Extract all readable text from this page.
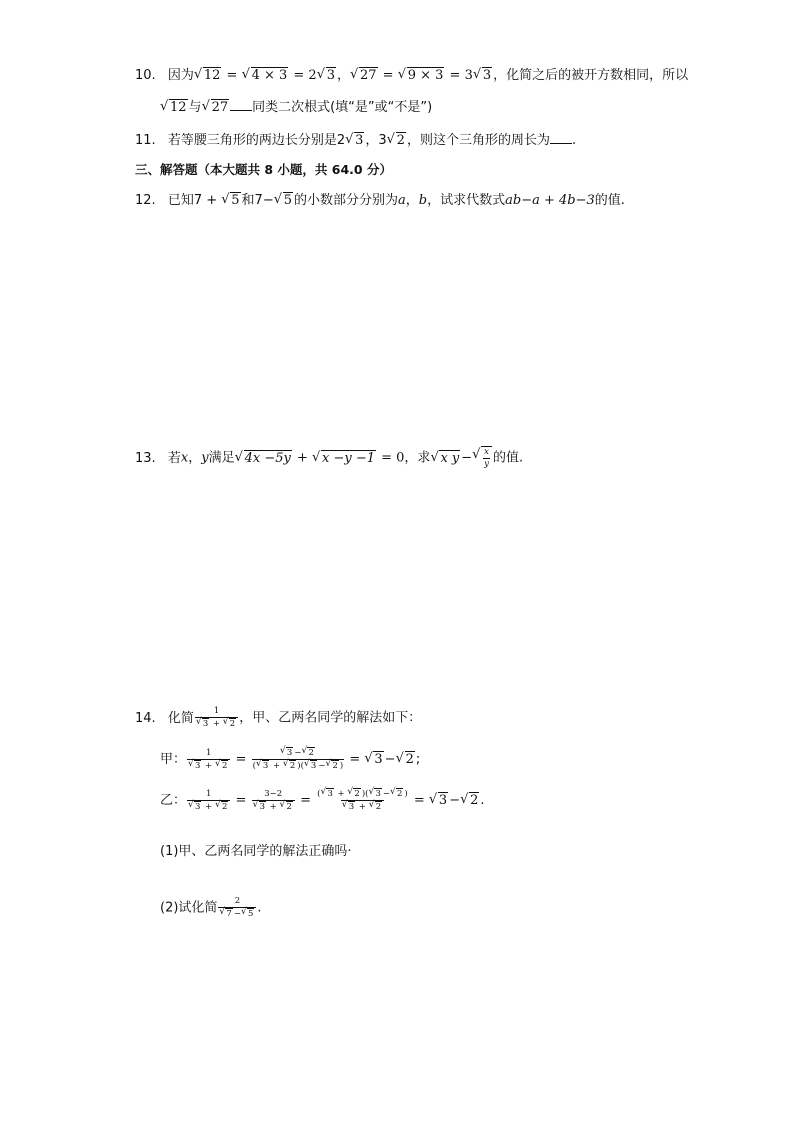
10. 因为 √ 12 = √ 4 × 3 = 2 √ 3 ， √ 27 = √ 9 × 3 = 3 √ 3 ，化简之后的被开方数相同，所以
√ 12 与 √ 27 同类二次根式(填“是”或“不是”)
11. 若等腰三角形的两边长分别是2 √ 3 ，3 √ 2 ，则这个三角形的周长为 .
三、解答题（本大题共 8 小题，共 64.0 分）
12. 已知7 + √ 5 和7− √ 5 的小数部分分别为a，b，试求代数式ab−a + 4b−3的值.
13. 若x，y满足 √ 4x −5y + √ x −y −1 = 0，求 √ x y − √ $\frac{x}{y}$ 的值.
14. 化简 1
√ 3 + √ 2 ，甲、乙两名同学的解法如下：
甲： 1
√ 3 + √ 2 = √ $\frac{3 - √ 2}{( √ 3 + √ 2 )( √ 3 - √ 2 )}$ = √ 3 − √ 2 ;
乙： 1
√ 3 + √ 2 = 3−2
√ 3 + √ 2 = ( √ 3 + √ 2 )( √ 3 − √ 2 )
√ 3 + √ 2 = √ 3 − √ 2 .
(1)甲、乙两名同学的解法正确吗·
(2)试化简 2
√ 7 − √ 5 .
